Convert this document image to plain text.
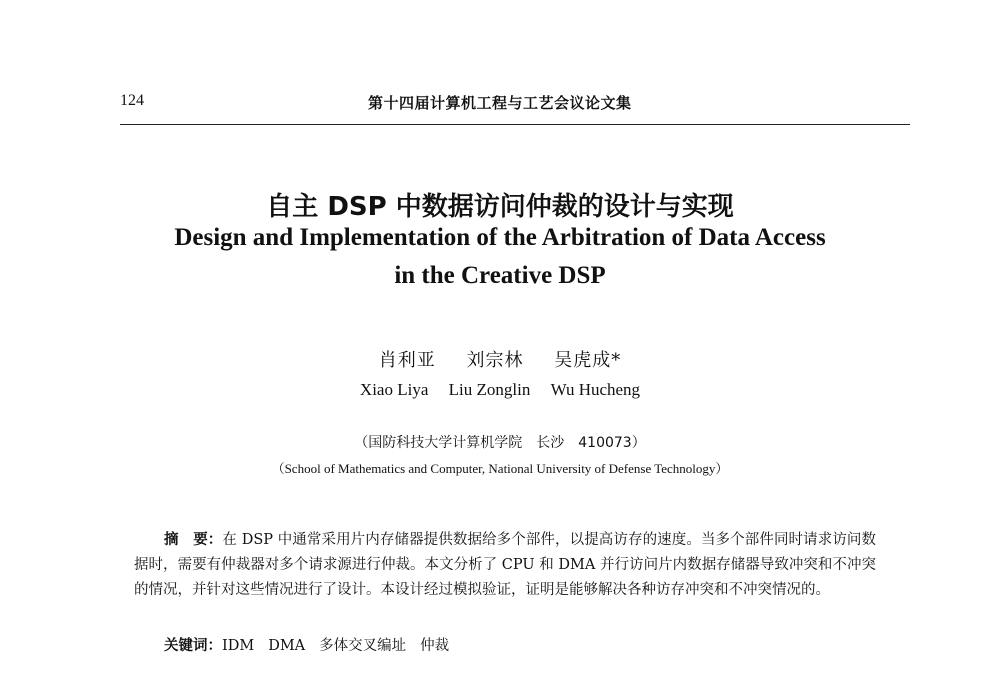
124	第十四届计算机工程与工艺会议论文集
自主 DSP 中数据访问仲裁的设计与实现
Design and Implementation of the Arbitration of Data Access
in the Creative DSP
肖利亚 刘宗林 吴虎成*
Xiao Liya Liu Zonglin Wu Hucheng
（国防科技大学计算机学院　长沙　410073）
（School of Mathematics and Computer, National University of Defense Technology）
摘　要：在 DSP 中通常采用片内存储器提供数据给多个部件，以提高访存的速度。当多个部件同时请求访问数据时，需要有仲裁器对多个请求源进行仲裁。本文分析了 CPU 和 DMA 并行访问片内数据存储器导致冲突和不冲突的情况，并针对这些情况进行了设计。本设计经过模拟验证，证明是能够解决各种访存冲突和不冲突情况的。
关键词：IDM DMA 多体交叉编址 仲裁
